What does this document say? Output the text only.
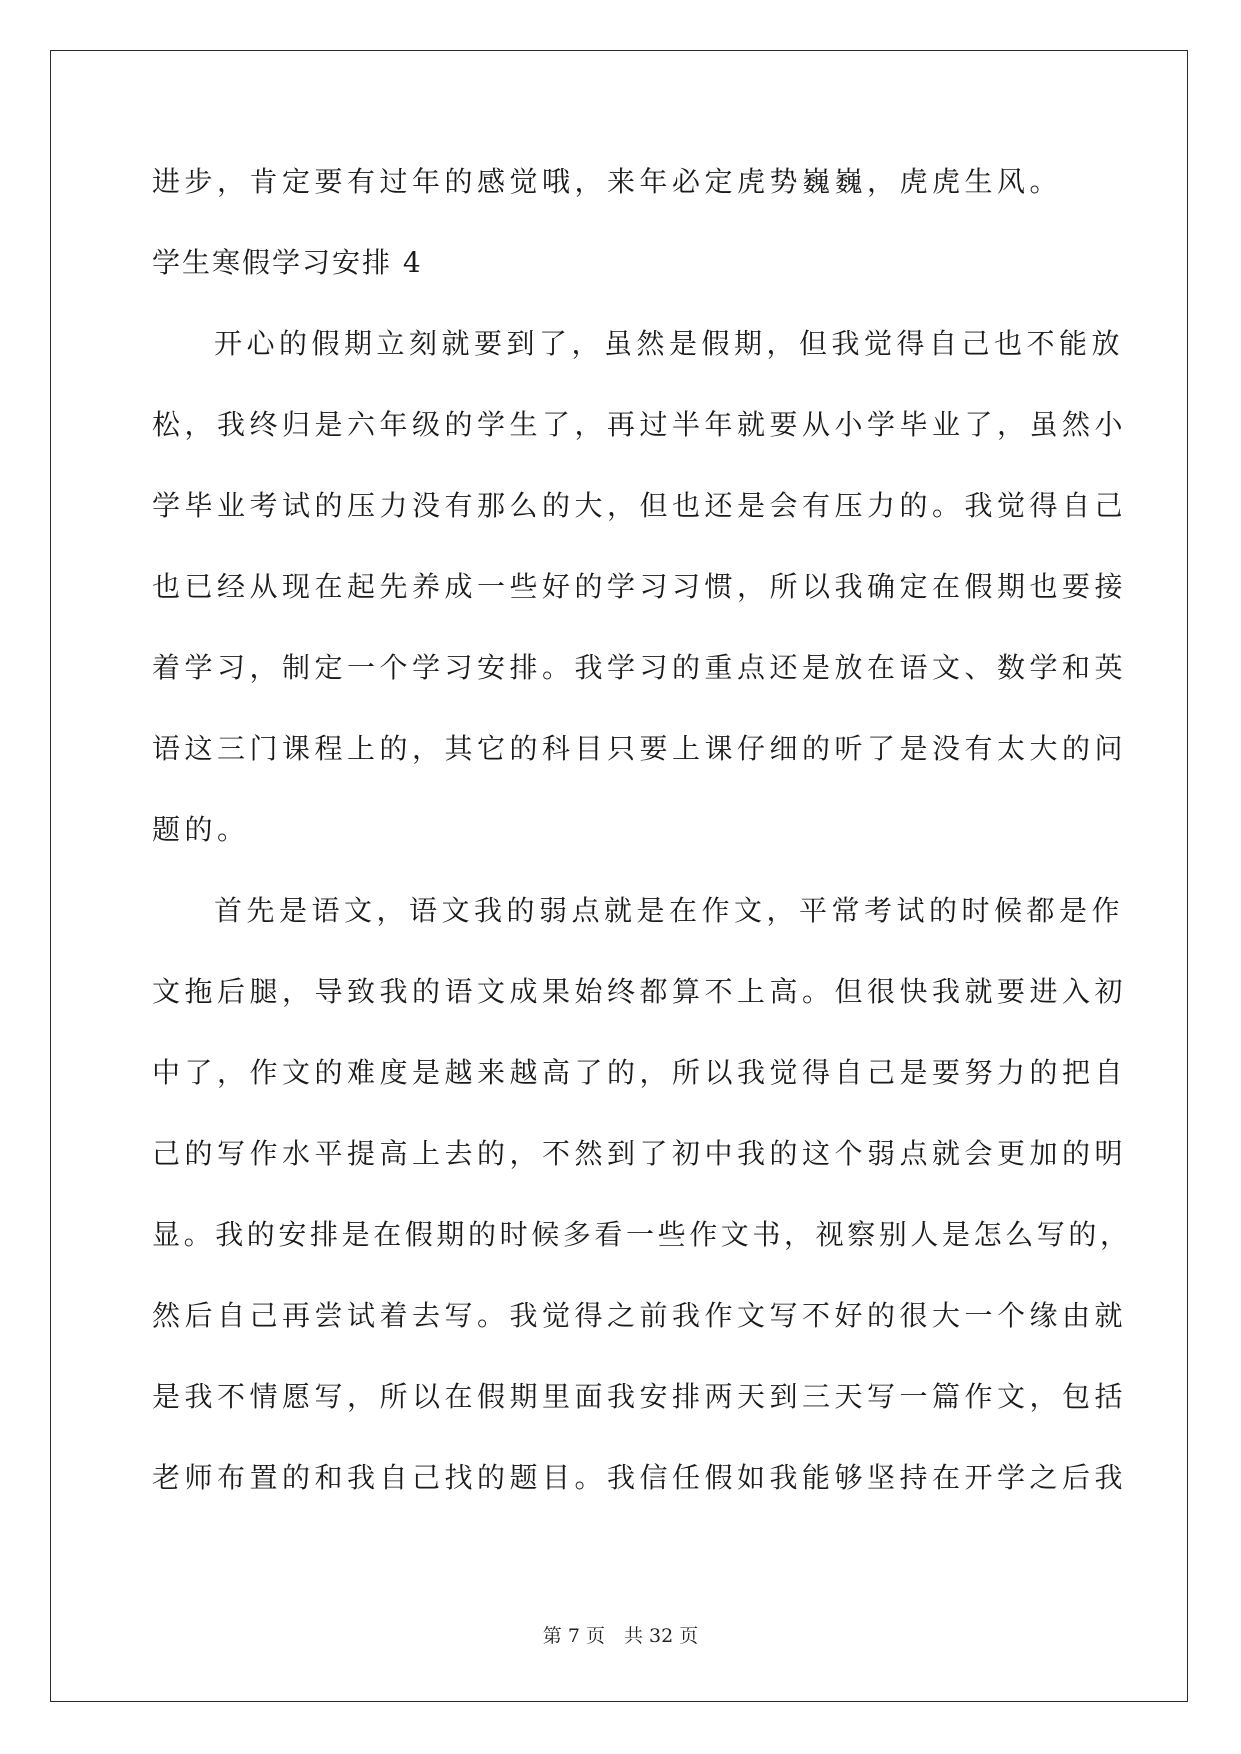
进步，肯定要有过年的感觉哦，来年必定虎势巍巍，虎虎生风。
学生寒假学习安排 4
开心的假期立刻就要到了，虽然是假期，但我觉得自己也不能放
松，我终归是六年级的学生了，再过半年就要从小学毕业了，虽然小
学毕业考试的压力没有那么的大，但也还是会有压力的。我觉得自己
也已经从现在起先养成一些好的学习习惯，所以我确定在假期也要接
着学习，制定一个学习安排。我学习的重点还是放在语文、数学和英
语这三门课程上的，其它的科目只要上课仔细的听了是没有太大的问
题的。
首先是语文，语文我的弱点就是在作文，平常考试的时候都是作
文拖后腿，导致我的语文成果始终都算不上高。但很快我就要进入初
中了，作文的难度是越来越高了的，所以我觉得自己是要努力的把自
己的写作水平提高上去的，不然到了初中我的这个弱点就会更加的明
显。我的安排是在假期的时候多看一些作文书，视察别人是怎么写的，
然后自己再尝试着去写。我觉得之前我作文写不好的很大一个缘由就
是我不情愿写，所以在假期里面我安排两天到三天写一篇作文，包括
老师布置的和我自己找的题目。我信任假如我能够坚持在开学之后我
第 7 页　共 32 页
